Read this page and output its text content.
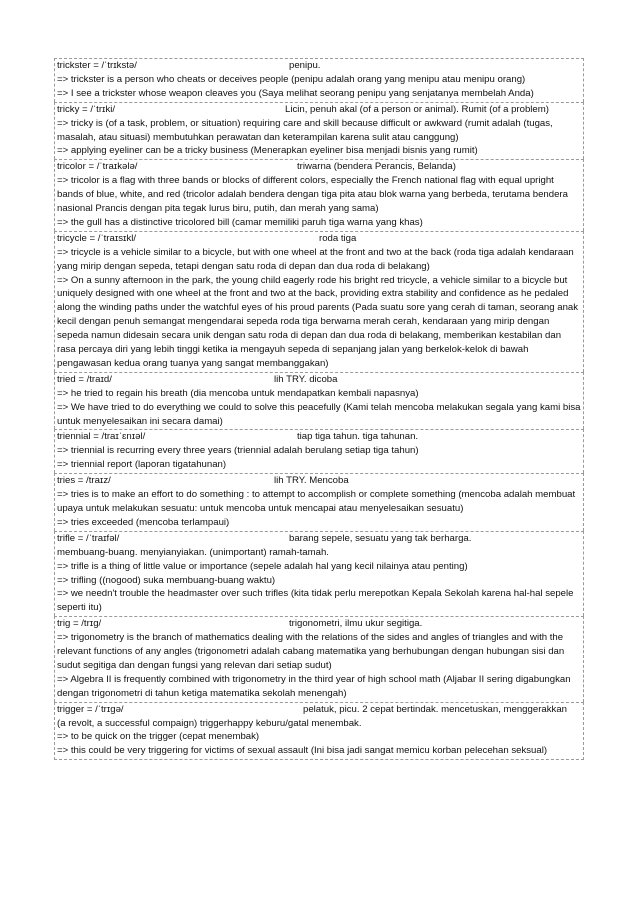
trickster = /ˈtrɪkstə/	penipu.
=> trickster is a person who cheats or deceives people (penipu adalah orang yang menipu atau menipu orang)
=> I see a trickster whose weapon cleaves you (Saya melihat seorang penipu yang senjatanya membelah Anda)
tricky = /ˈtrɪki/	Licin, penuh akal (of a person or animal). Rumit (of a problem)
=> tricky is (of a task, problem, or situation) requiring care and skill because difficult or awkward (rumit adalah (tugas, masalah, atau situasi) membutuhkan perawatan dan keterampilan karena sulit atau canggung)
=> applying eyeliner can be a tricky business (Menerapkan eyeliner bisa menjadi bisnis yang rumit)
tricolor = /ˈtraɪkələ/	triwarna (bendera Perancis, Belanda)
=> tricolor is a flag with three bands or blocks of different colors, especially the French national flag with equal upright bands of blue, white, and red (tricolor adalah bendera dengan tiga pita atau blok warna yang berbeda, terutama bendera nasional Prancis dengan pita tegak lurus biru, putih, dan merah yang sama)
=> the gull has a distinctive tricolored bill (camar memiliki paruh tiga warna yang khas)
tricycle = /ˈtraɪsɪkl/	roda tiga
=> tricycle is a vehicle similar to a bicycle, but with one wheel at the front and two at the back (roda tiga adalah kendaraan yang mirip dengan sepeda, tetapi dengan satu roda di depan dan dua roda di belakang)
=> On a sunny afternoon in the park, the young child eagerly rode his bright red tricycle, a vehicle similar to a bicycle but uniquely designed with one wheel at the front and two at the back, providing extra stability and confidence as he pedaled along the winding paths under the watchful eyes of his proud parents (Pada suatu sore yang cerah di taman, seorang anak kecil dengan penuh semangat mengendarai sepeda roda tiga berwarna merah cerah, kendaraan yang mirip dengan sepeda namun didesain secara unik dengan satu roda di depan dan dua roda di belakang, memberikan kestabilan dan rasa percaya diri yang lebih tinggi ketika ia mengayuh sepeda di sepanjang jalan yang berkelok-kelok di bawah pengawasan kedua orang tuanya yang sangat membanggakan)
tried = /traɪd/	lih TRY. dicoba
=> he tried to regain his breath (dia mencoba untuk mendapatkan kembali napasnya)
=> We have tried to do everything we could to solve this peacefully (Kami telah mencoba melakukan segala yang kami bisa untuk menyelesaikan ini secara damai)
triennial = /traɪˈɛnɪəl/	tiap tiga tahun. tiga tahunan.
=> triennial is recurring every three years (triennial adalah berulang setiap tiga tahun)
=> triennial report (laporan tigatahunan)
tries = /traɪz/	lih TRY. Mencoba
=> tries is to make an effort to do something : to attempt to accomplish or complete something (mencoba adalah membuat upaya untuk melakukan sesuatu: untuk mencoba untuk mencapai atau menyelesaikan sesuatu)
=> tries exceeded (mencoba terlampaui)
trifle = /ˈtraɪfəl/	barang sepele, sesuatu yang tak berharga.
membuang-buang. menyianyiakan. (unimportant) ramah-tamah.
=> trifle is a thing of little value or importance (sepele adalah hal yang kecil nilainya atau penting)
=> trifling ((nogood) suka membuang-buang waktu)
=> we needn't trouble the headmaster over such trifles (kita tidak perlu merepotkan Kepala Sekolah karena hal-hal sepele seperti itu)
trig = /trɪɡ/	trigonometri, ilmu ukur segitiga.
=> trigonometry is the branch of mathematics dealing with the relations of the sides and angles of triangles and with the relevant functions of any angles (trigonometri adalah cabang matematika yang berhubungan dengan hubungan sisi dan sudut segitiga dan dengan fungsi yang relevan dari setiap sudut)
=> Algebra II is frequently combined with trigonometry in the third year of high school math (Aljabar II sering digabungkan dengan trigonometri di tahun ketiga matematika sekolah menengah)
trigger = /ˈtrɪɡə/	pelatuk, picu. 2 cepat bertindak. mencetuskan, menggerakkan
(a revolt, a successful compaign) triggerhappy keburu/gatal menembak.
=> to be quick on the trigger (cepat menembak)
=> this could be very triggering for victims of sexual assault (Ini bisa jadi sangat memicu korban pelecehan seksual)
